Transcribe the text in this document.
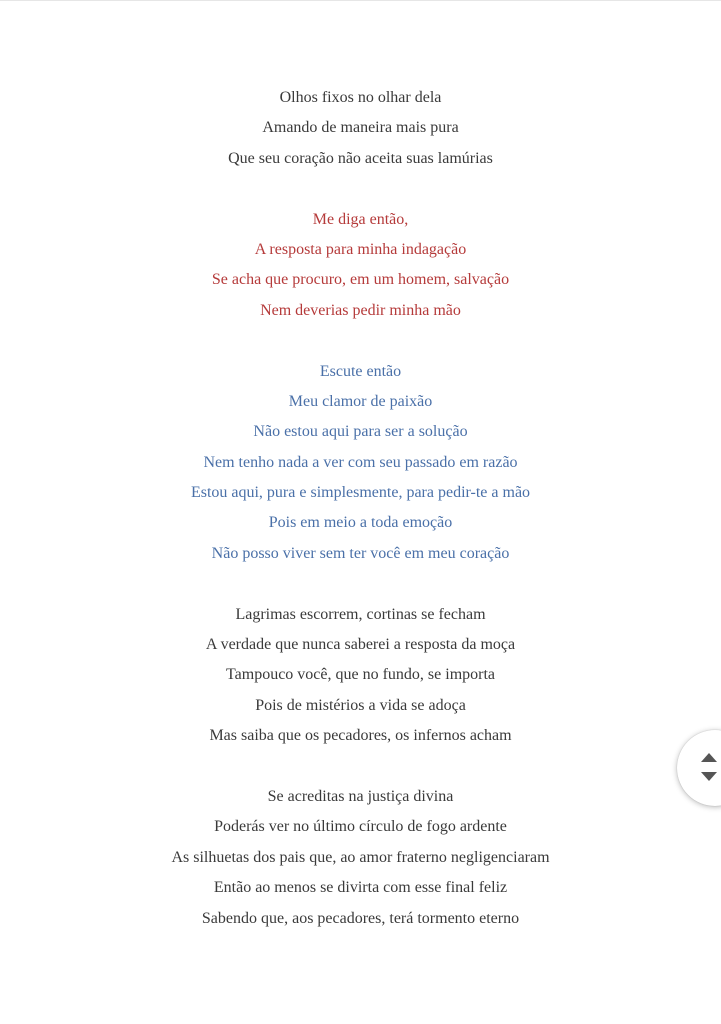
Olhos fixos no olhar dela
Amando de maneira mais pura
Que seu coração não aceita suas lamúrias
Me diga então,
A resposta para minha indagação
Se acha que procuro, em um homem, salvação
Nem deverias pedir minha mão
Escute então
Meu clamor de paixão
Não estou aqui para ser a solução
Nem tenho nada a ver com seu passado em razão
Estou aqui, pura e simplesmente, para pedir-te a mão
Pois em meio a toda emoção
Não posso viver sem ter você em meu coração
Lagrimas escorrem, cortinas se fecham
A verdade que nunca saberei a resposta da moça
Tampouco você, que no fundo, se importa
Pois de mistérios a vida se adoça
Mas saiba que os pecadores, os infernos acham
Se acreditas na justiça divina
Poderás ver no último círculo de fogo ardente
As silhuetas dos pais que, ao amor fraterno negligenciaram
Então ao menos se divirta com esse final feliz
Sabendo que, aos pecadores, terá tormento eterno
